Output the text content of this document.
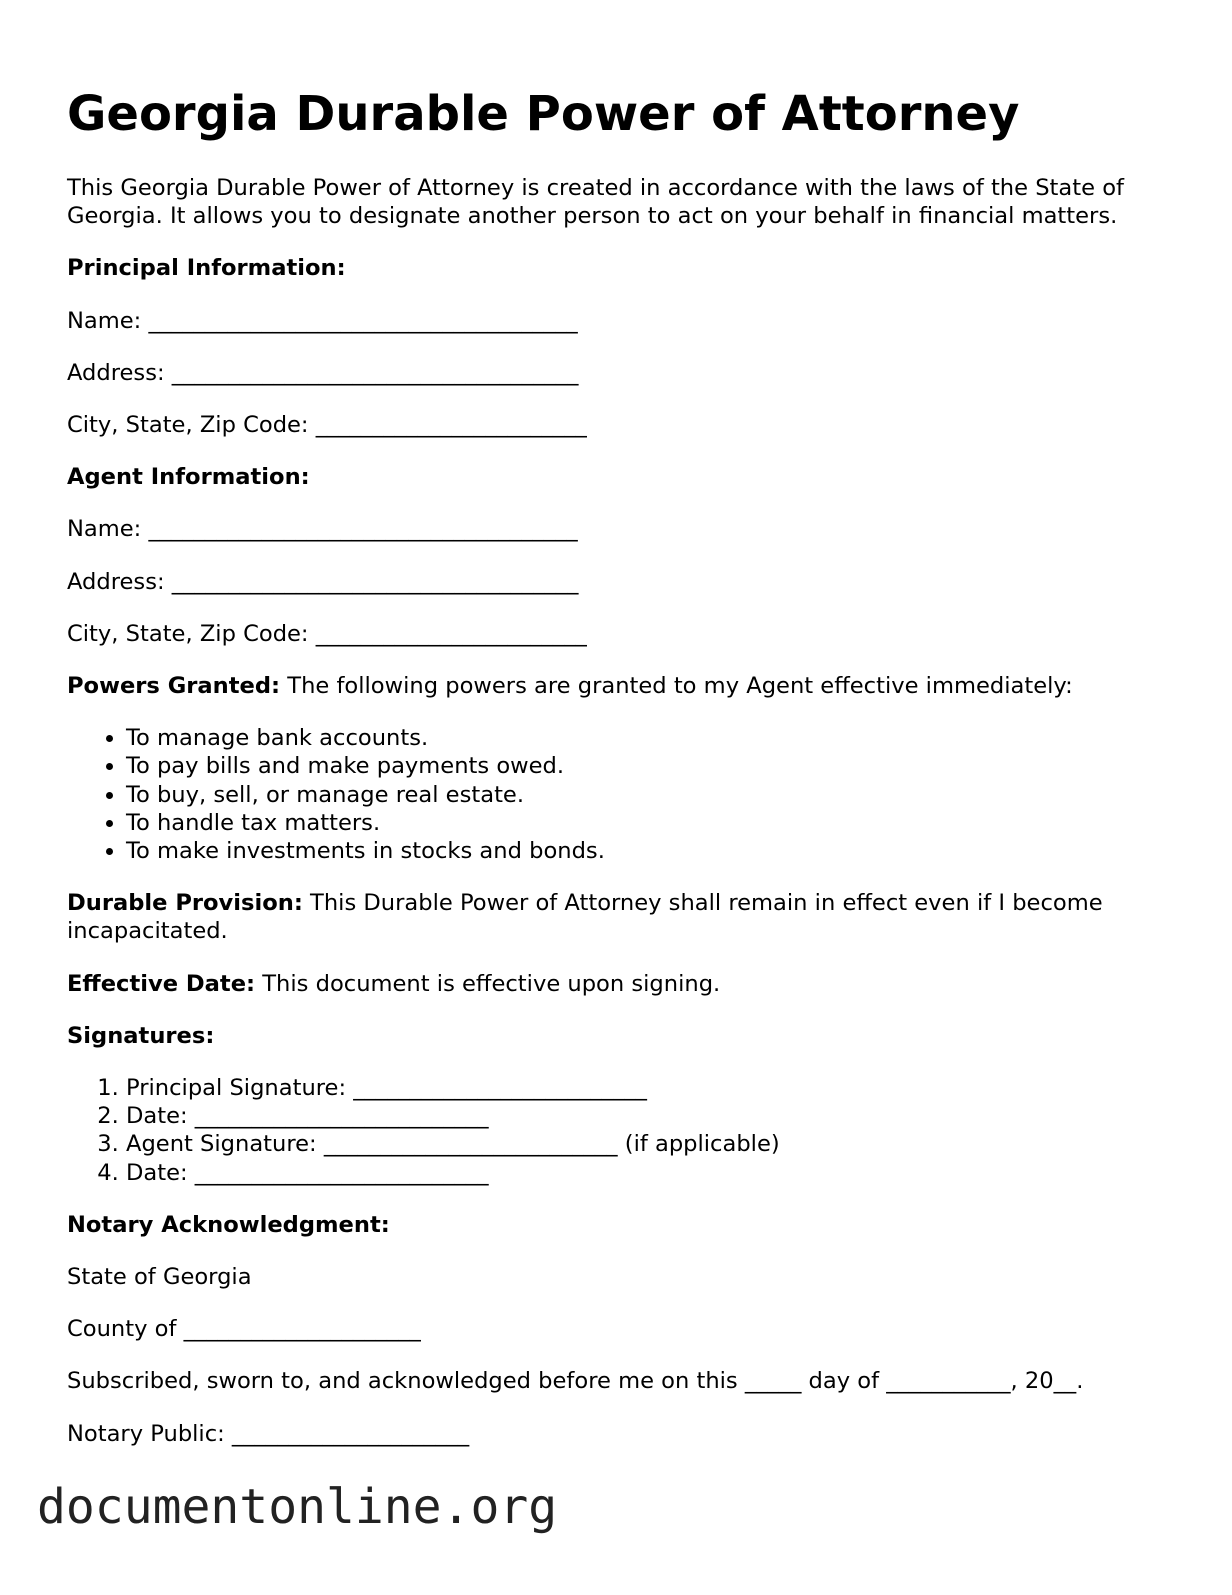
Georgia Durable Power of Attorney

This Georgia Durable Power of Attorney is created in accordance with the laws of the State of Georgia. It allows you to designate another person to act on your behalf in financial matters.

Principal Information:

Name: ______________________________________

Address: ____________________________________

City, State, Zip Code: ________________________

Agent Information:

Name: ______________________________________

Address: ____________________________________

City, State, Zip Code: ________________________

Powers Granted: The following powers are granted to my Agent effective immediately:

• To manage bank accounts.
• To pay bills and make payments owed.
• To buy, sell, or manage real estate.
• To handle tax matters.
• To make investments in stocks and bonds.

Durable Provision: This Durable Power of Attorney shall remain in effect even if I become incapacitated.

Effective Date: This document is effective upon signing.

Signatures:

1. Principal Signature: __________________________
2. Date: __________________________
3. Agent Signature: __________________________ (if applicable)
4. Date: __________________________

Notary Acknowledgment:

State of Georgia

County of _____________________

Subscribed, sworn to, and acknowledged before me on this _____ day of ___________, 20__.

Notary Public: _____________________

documentonline.org
